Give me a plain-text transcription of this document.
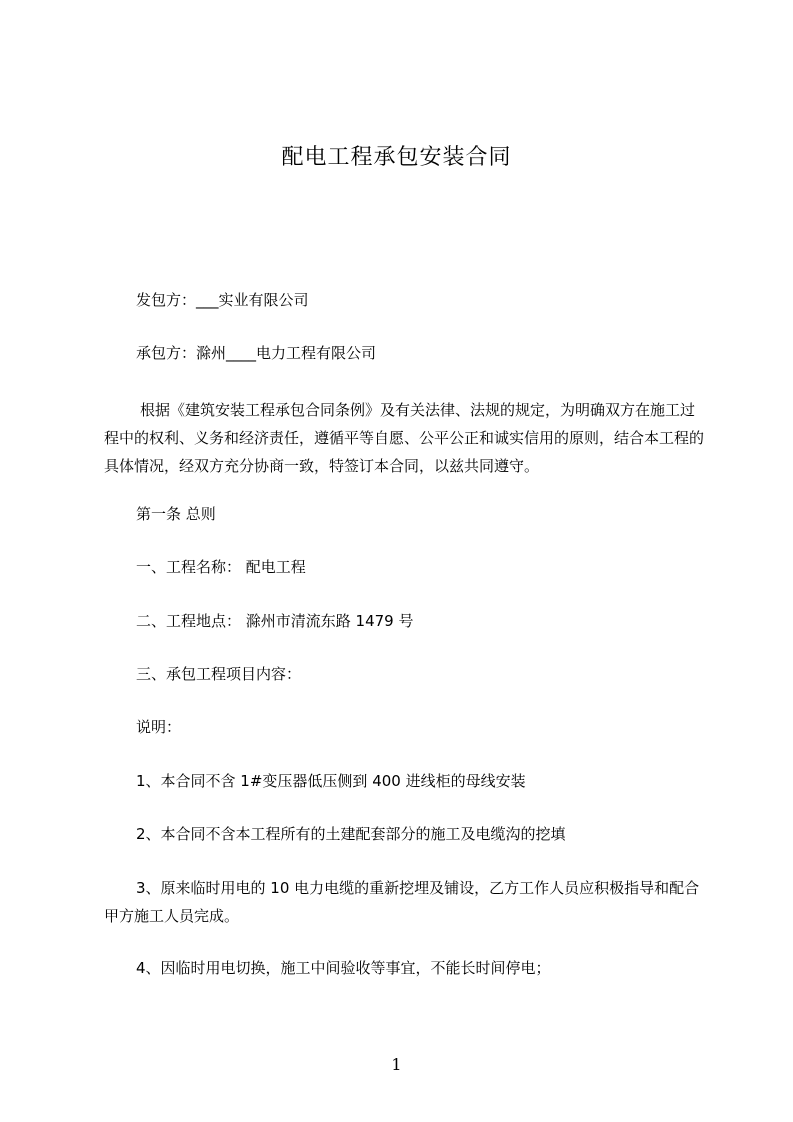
配电工程承包安装合同
发包方：___实业有限公司
承包方：滁州____电力工程有限公司
根据《建筑安装工程承包合同条例》及有关法律、法规的规定，为明确双方在施工过程中的权利、义务和经济责任，遵循平等自愿、公平公正和诚实信用的原则，结合本工程的具体情况，经双方充分协商一致，特签订本合同，以兹共同遵守。
第一条 总则
一、工程名称： 配电工程
二、工程地点： 滁州市清流东路 1479 号
三、承包工程项目内容：
说明：
1、本合同不含 1#变压器低压侧到 400 进线柜的母线安装
2、本合同不含本工程所有的土建配套部分的施工及电缆沟的挖填
3、原来临时用电的 10 电力电缆的重新挖埋及铺设，乙方工作人员应积极指导和配合甲方施工人员完成。
4、因临时用电切换，施工中间验收等事宜，不能长时间停电；
1
